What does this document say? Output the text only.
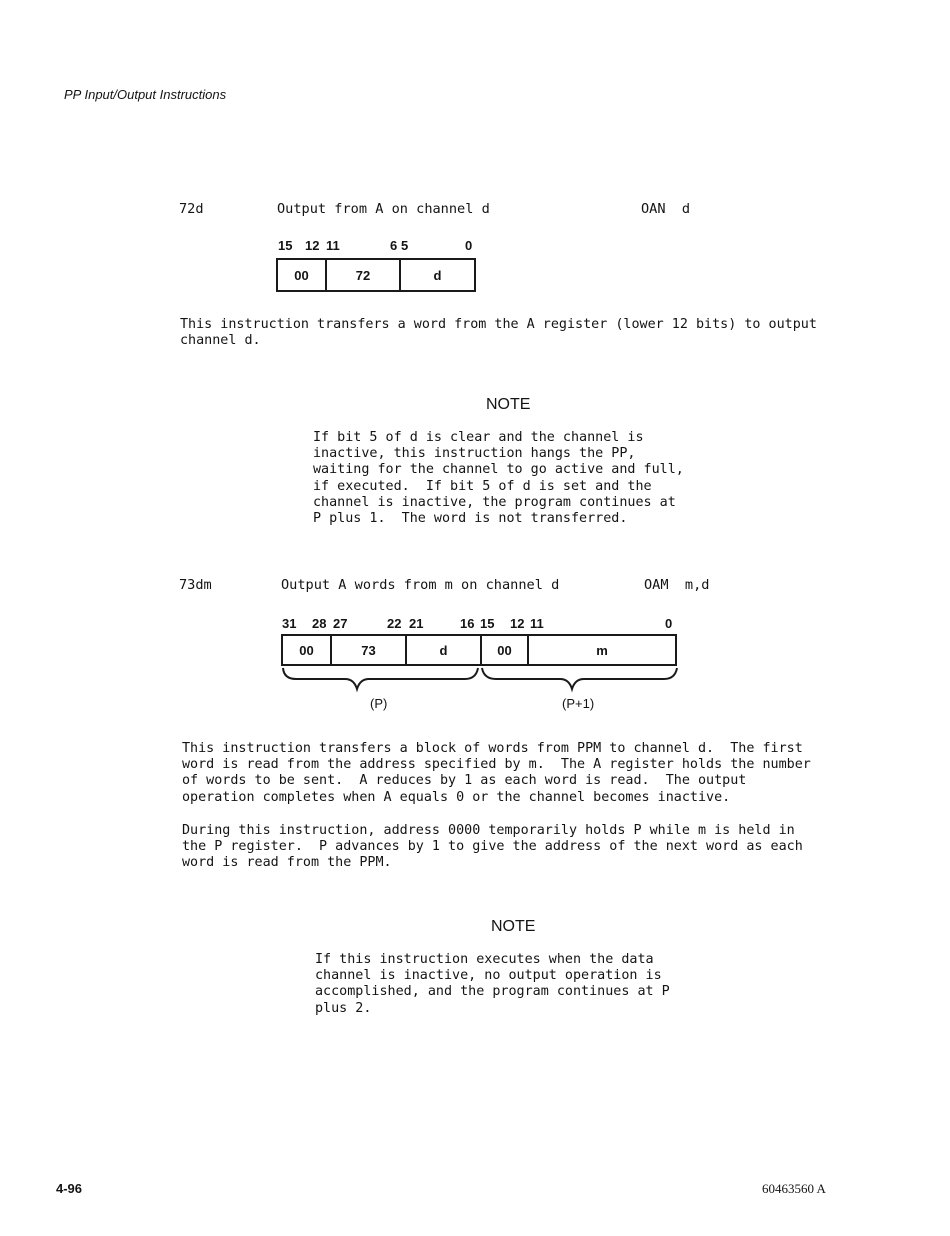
PP Input/Output Instructions
72d	Output from A on channel d	OAN  d
15 12 11	6 5	0
00	72	d
This instruction transfers a word from the A register (lower 12 bits) to output
channel d.
NOTE
If bit 5 of d is clear and the channel is
inactive, this instruction hangs the PP,
waiting for the channel to go active and full,
if executed.  If bit 5 of d is set and the
channel is inactive, the program continues at
P plus 1.  The word is not transferred.
73dm	Output A words from m on channel d	OAM  m,d
31 28 27	22 21	16 15 12 11	0
00	73	d	00	m
(P)	(P+1)
This instruction transfers a block of words from PPM to channel d.  The first
word is read from the address specified by m.  The A register holds the number
of words to be sent.  A reduces by 1 as each word is read.  The output
operation completes when A equals 0 or the channel becomes inactive.
During this instruction, address 0000 temporarily holds P while m is held in
the P register.  P advances by 1 to give the address of the next word as each
word is read from the PPM.
NOTE
If this instruction executes when the data
channel is inactive, no output operation is
accomplished, and the program continues at P
plus 2.
4-96	60463560 A
